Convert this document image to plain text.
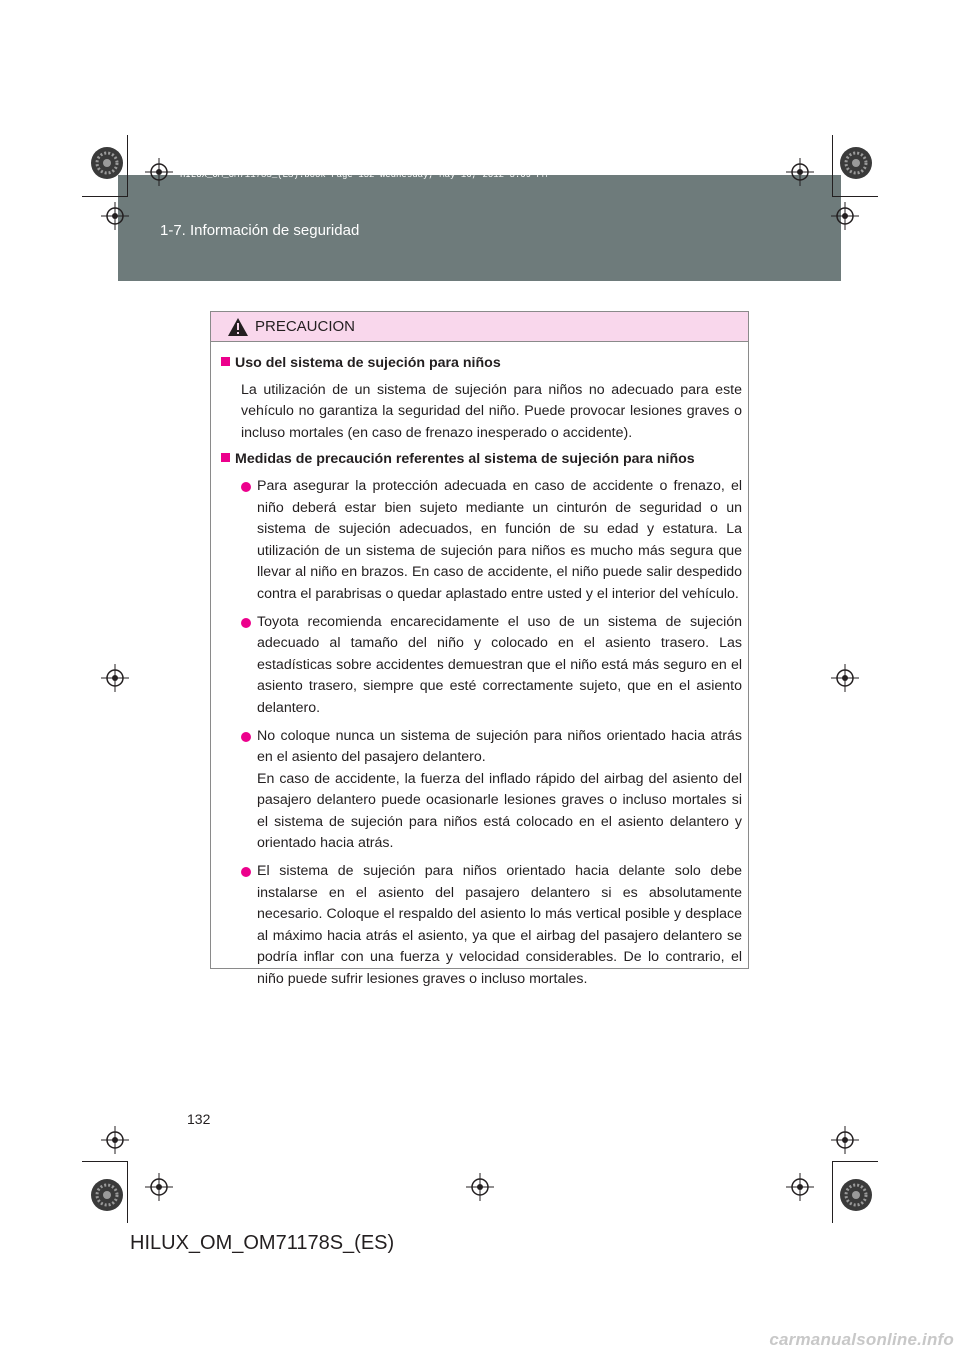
HILUX_OM_OM71178S_(ES).book Page 132 Wednesday, May 16, 2012 3:09 PM
1-7. Información de seguridad
PRECAUCION
Uso del sistema de sujeción para niños
La utilización de un sistema de sujeción para niños no adecuado para este vehículo no garantiza la seguridad del niño. Puede provocar lesiones graves o incluso mortales (en caso de frenazo inesperado o accidente).
Medidas de precaución referentes al sistema de sujeción para niños
Para asegurar la protección adecuada en caso de accidente o frenazo, el niño deberá estar bien sujeto mediante un cinturón de seguridad o un sistema de sujeción adecuados, en función de su edad y estatura. La utilización de un sistema de sujeción para niños es mucho más segura que llevar al niño en brazos. En caso de accidente, el niño puede salir despedido contra el parabrisas o quedar aplastado entre usted y el interior del vehículo.
Toyota recomienda encarecidamente el uso de un sistema de sujeción adecuado al tamaño del niño y colocado en el asiento trasero. Las estadísticas sobre accidentes demuestran que el niño está más seguro en el asiento trasero, siempre que esté correctamente sujeto, que en el asiento delantero.
No coloque nunca un sistema de sujeción para niños orientado hacia atrás en el asiento del pasajero delantero.
En caso de accidente, la fuerza del inflado rápido del airbag del asiento del pasajero delantero puede ocasionarle lesiones graves o incluso mortales si el sistema de sujeción para niños está colocado en el asiento delantero y orientado hacia atrás.
El sistema de sujeción para niños orientado hacia delante solo debe instalarse en el asiento del pasajero delantero si es absolutamente necesario. Coloque el respaldo del asiento lo más vertical posible y desplace al máximo hacia atrás el asiento, ya que el airbag del pasajero delantero se podría inflar con una fuerza y velocidad considerables. De lo contrario, el niño puede sufrir lesiones graves o incluso mortales.
132
HILUX_OM_OM71178S_(ES)
carmanualsonline.info
